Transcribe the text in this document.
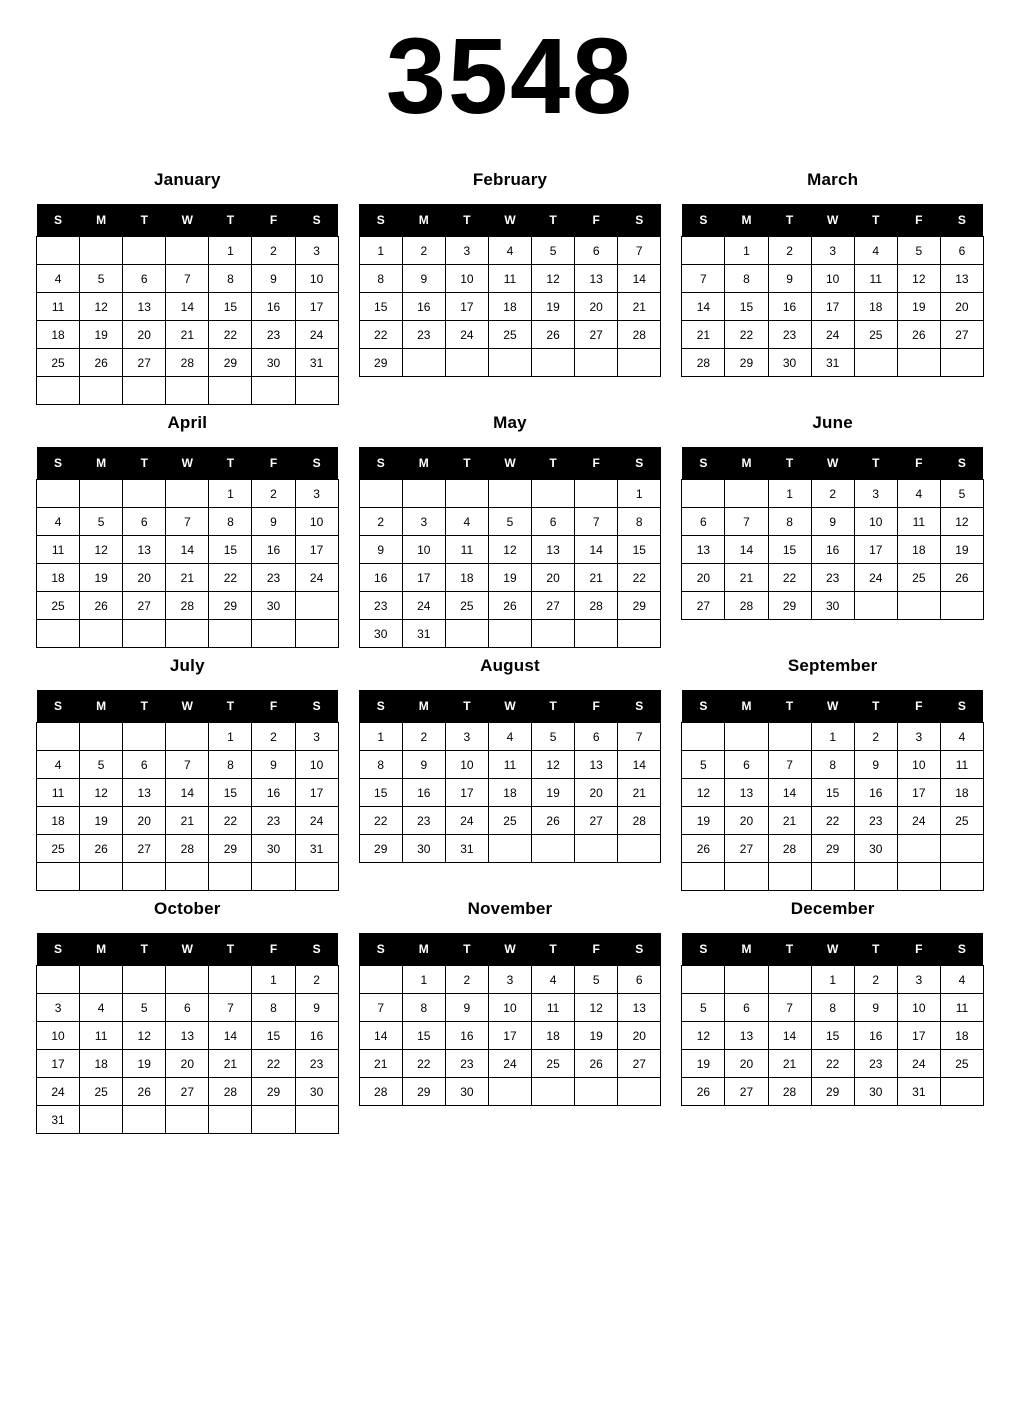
3548
January
S	M	T	W	T	F	S
				1	2	3
4	5	6	7	8	9	10
11	12	13	14	15	16	17
18	19	20	21	22	23	24
25	26	27	28	29	30	31

February
S	M	T	W	T	F	S
1	2	3	4	5	6	7
8	9	10	11	12	13	14
15	16	17	18	19	20	21
22	23	24	25	26	27	28
29						
March
S	M	T	W	T	F	S
	1	2	3	4	5	6
7	8	9	10	11	12	13
14	15	16	17	18	19	20
21	22	23	24	25	26	27
28	29	30	31			
April
S	M	T	W	T	F	S
				1	2	3
4	5	6	7	8	9	10
11	12	13	14	15	16	17
18	19	20	21	22	23	24
25	26	27	28	29	30	

May
S	M	T	W	T	F	S
						1
2	3	4	5	6	7	8
9	10	11	12	13	14	15
16	17	18	19	20	21	22
23	24	25	26	27	28	29
30	31					
June
S	M	T	W	T	F	S
		1	2	3	4	5
6	7	8	9	10	11	12
13	14	15	16	17	18	19
20	21	22	23	24	25	26
27	28	29	30			
July
S	M	T	W	T	F	S
				1	2	3
4	5	6	7	8	9	10
11	12	13	14	15	16	17
18	19	20	21	22	23	24
25	26	27	28	29	30	31

August
S	M	T	W	T	F	S
1	2	3	4	5	6	7
8	9	10	11	12	13	14
15	16	17	18	19	20	21
22	23	24	25	26	27	28
29	30	31				
September
S	M	T	W	T	F	S
			1	2	3	4
5	6	7	8	9	10	11
12	13	14	15	16	17	18
19	20	21	22	23	24	25
26	27	28	29	30		

October
S	M	T	W	T	F	S
					1	2
3	4	5	6	7	8	9
10	11	12	13	14	15	16
17	18	19	20	21	22	23
24	25	26	27	28	29	30
31						
November
S	M	T	W	T	F	S
	1	2	3	4	5	6
7	8	9	10	11	12	13
14	15	16	17	18	19	20
21	22	23	24	25	26	27
28	29	30				
December
S	M	T	W	T	F	S
			1	2	3	4
5	6	7	8	9	10	11
12	13	14	15	16	17	18
19	20	21	22	23	24	25
26	27	28	29	30	31	
